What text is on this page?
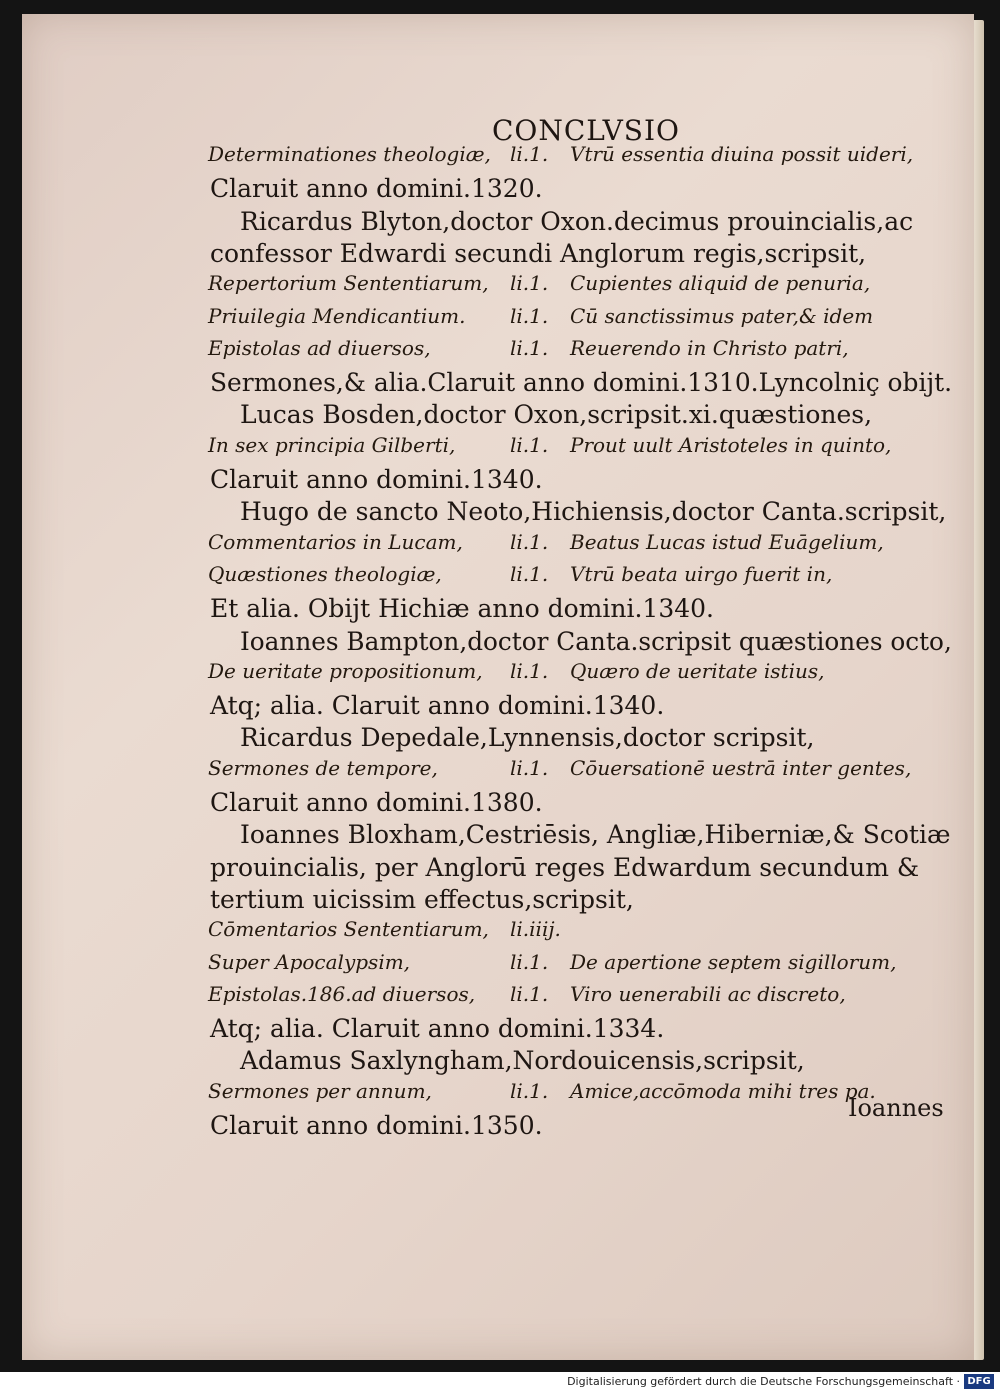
CONCLVSIO
Determinationes theologiæ, li.1. Vtrū essentia diuina possit uideri,
Claruit anno domini.1320.
Ricardus Blyton,doctor Oxon.decimus prouincialis,ac
confessor Edwardi secundi Anglorum regis,scripsit,
Repertorium Sententiarum, li.1. Cupientes aliquid de penuria,
Priuilegia Mendicantium. li.1. Cū sanctissimus pater,& idem
Epistolas ad diuersos,	li.1. Reuerendo in Christo patri,
Sermones,& alia.Claruit anno domini.1310.Lyncolniç obijt.
Lucas Bosden,doctor Oxon,scripsit.xi.quæstiones,
In sex principia Gilberti,	li.1. Prout uult Aristoteles in quinto,
Claruit anno domini.1340.
Hugo de sancto Neoto,Hichiensis,doctor Canta.scripsit,
Commentarios in Lucam, li.1. Beatus Lucas istud Euāgelium,
Quæstiones theologiæ,	li.1. Vtrū beata uirgo fuerit in,
Et alia. Obijt Hichiæ anno domini.1340.
Ioannes Bampton,doctor Canta.scripsit quæstiones octo,
De ueritate propositionum, li.1. Quæro de ueritate istius,
Atq; alia. Claruit anno domini.1340.
Ricardus Depedale,Lynnensis,doctor scripsit,
Sermones de tempore,	li.1. Cōuersationē uestrā inter gentes,
Claruit anno domini.1380.
Ioannes Bloxham,Cestriēsis, Angliæ,Hiberniæ,& Scotiæ
prouincialis, per Anglorū reges Edwardum secundum &
tertium uicissim effectus,scripsit,
Cōmentarios Sententiarum, li.iiij.
Super Apocalypsim,	li.1. De apertione septem sigillorum,
Epistolas.186.ad diuersos, li.1. Viro uenerabili ac discreto,
Atq; alia. Claruit anno domini.1334.
Adamus Saxlyngham,Nordouicensis,scripsit,
Sermones per annum,	li.1. Amice,accōmoda mihi tres pa.
Claruit anno domini.1350.
Ioannes
Digitalisierung gefördert durch die Deutsche Forschungsgemeinschaft · DFG
